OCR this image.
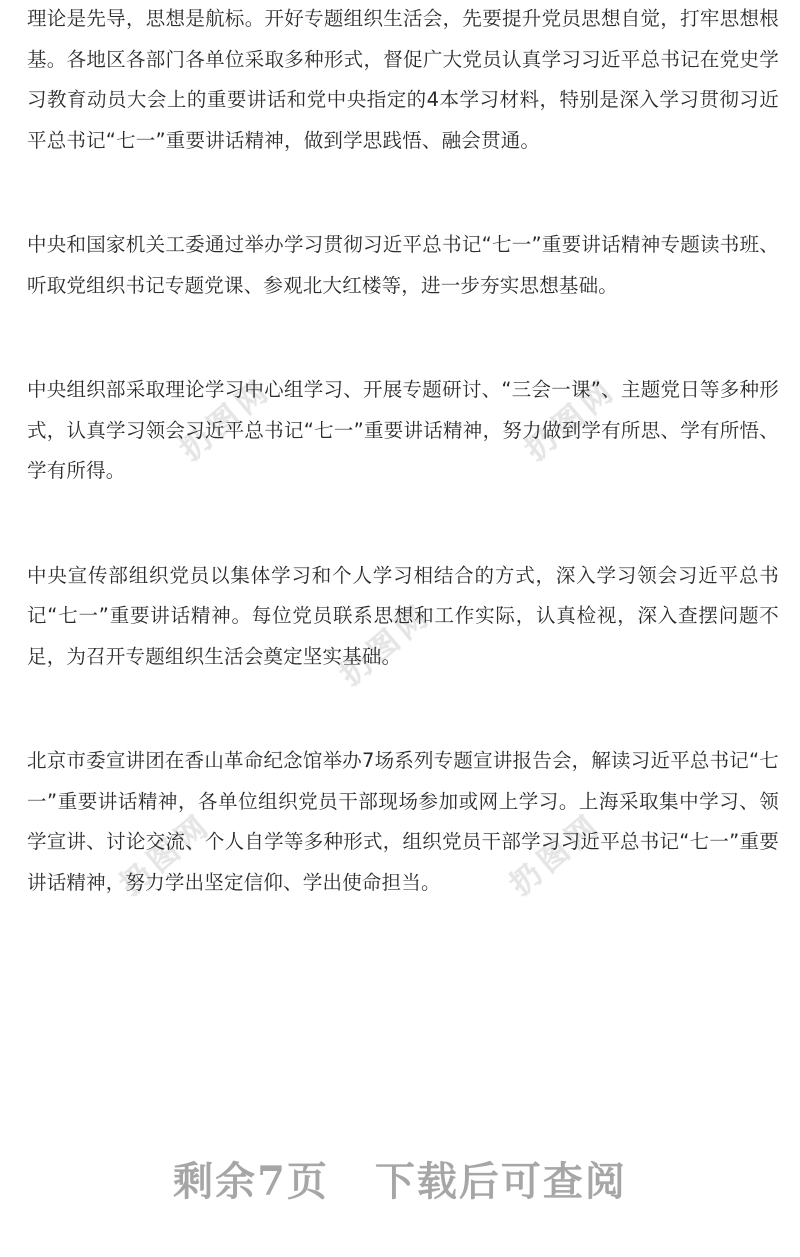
扔图网	扔图网
扔图网
扔图网	扔图网

理论是先导，思想是航标。开好专题组织生活会，先要提升党员思想自觉，打牢思想根基。各地区各部门各单位采取多种形式，督促广大党员认真学习习近平总书记在党史学习教育动员大会上的重要讲话和党中央指定的4本学习材料，特别是深入学习贯彻习近平总书记“七一”重要讲话精神，做到学思践悟、融会贯通。

中央和国家机关工委通过举办学习贯彻习近平总书记“七一”重要讲话精神专题读书班、听取党组织书记专题党课、参观北大红楼等，进一步夯实思想基础。

中央组织部采取理论学习中心组学习、开展专题研讨、“三会一课”、主题党日等多种形式，认真学习领会习近平总书记“七一”重要讲话精神，努力做到学有所思、学有所悟、学有所得。

中央宣传部组织党员以集体学习和个人学习相结合的方式，深入学习领会习近平总书记“七一”重要讲话精神。每位党员联系思想和工作实际，认真检视，深入查摆问题不足，为召开专题组织生活会奠定坚实基础。

北京市委宣讲团在香山革命纪念馆举办7场系列专题宣讲报告会，解读习近平总书记“七一”重要讲话精神，各单位组织党员干部现场参加或网上学习。上海采取集中学习、领学宣讲、讨论交流、个人自学等多种形式，组织党员干部学习习近平总书记“七一”重要讲话精神，努力学出坚定信仰、学出使命担当。

剩余7页 下载后可查阅
